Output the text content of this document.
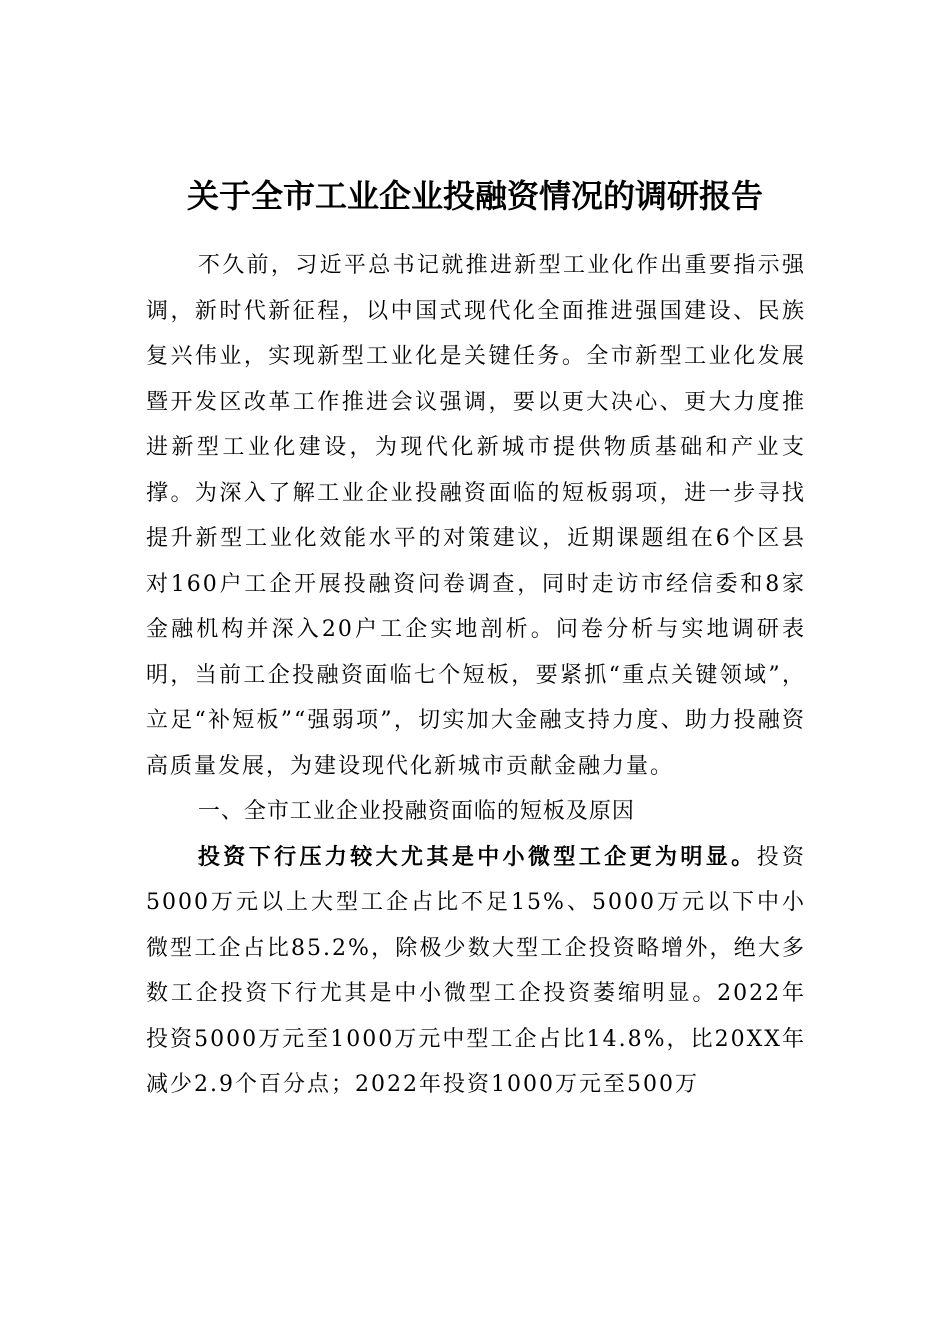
关于全市工业企业投融资情况的调研报告

不久前，习近平总书记就推进新型工业化作出重要指示强调，新时代新征程，以中国式现代化全面推进强国建设、民族复兴伟业，实现新型工业化是关键任务。全市新型工业化发展暨开发区改革工作推进会议强调，要以更大决心、更大力度推进新型工业化建设，为现代化新城市提供物质基础和产业支撑。为深入了解工业企业投融资面临的短板弱项，进一步寻找提升新型工业化效能水平的对策建议，近期课题组在6个区县对160户工企开展投融资问卷调查，同时走访市经信委和8家金融机构并深入20户工企实地剖析。问卷分析与实地调研表明，当前工企投融资面临七个短板，要紧抓“重点关键领域”，立足“补短板”“强弱项”，切实加大金融支持力度、助力投融资高质量发展，为建设现代化新城市贡献金融力量。

一、全市工业企业投融资面临的短板及原因

投资下行压力较大尤其是中小微型工企更为明显。投资5000万元以上大型工企占比不足15%、5000万元以下中小微型工企占比85.2%，除极少数大型工企投资略增外，绝大多数工企投资下行尤其是中小微型工企投资萎缩明显。2022年投资5000万元至1000万元中型工企占比14.8%，比20XX年减少2.9个百分点；2022年投资1000万元至500万
